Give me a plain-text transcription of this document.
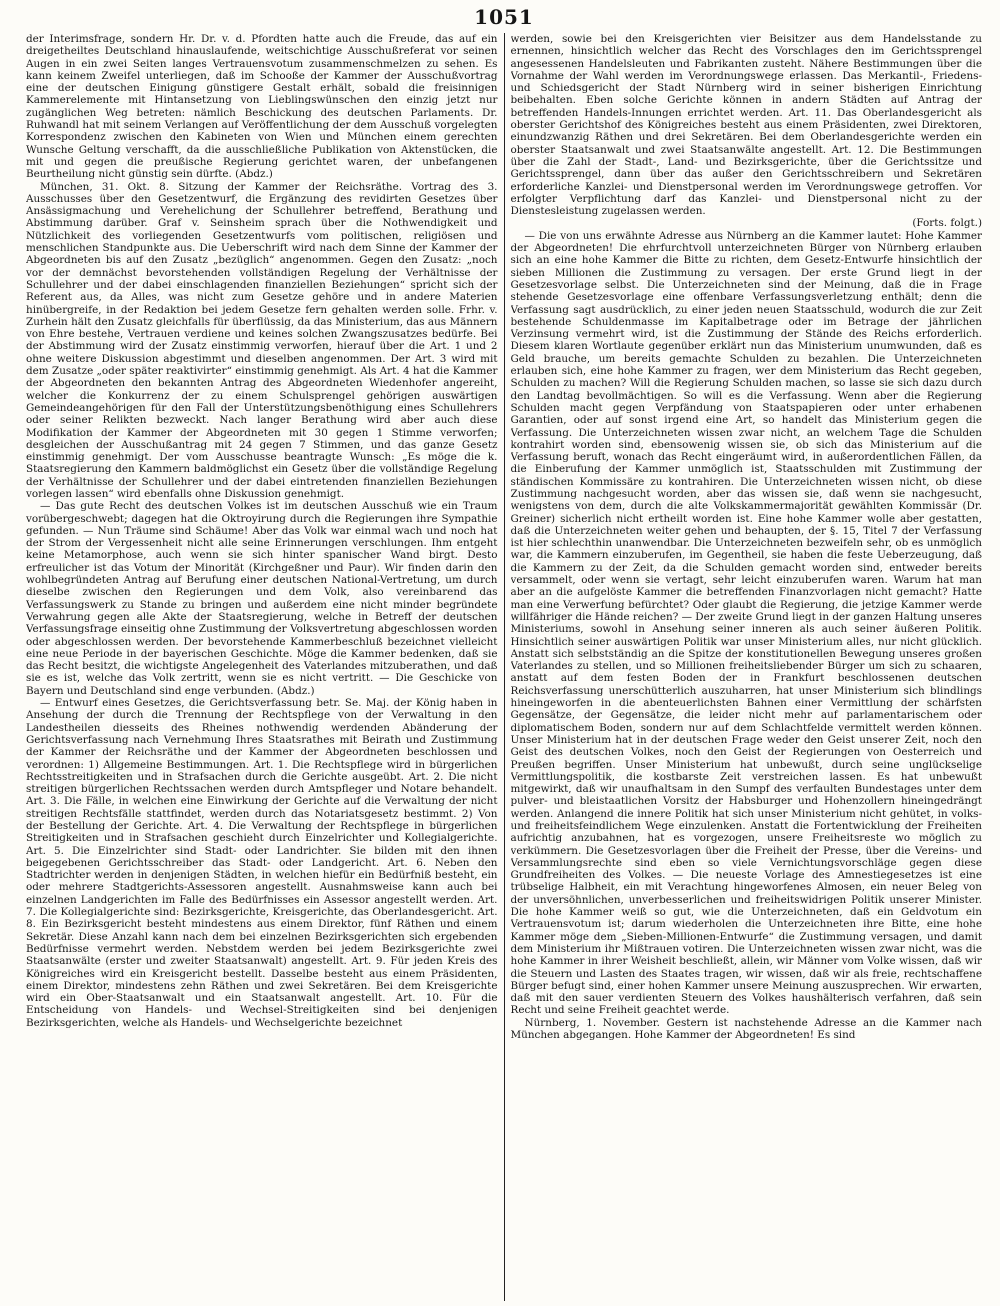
1051

der Interimsfrage, sondern Hr. Dr. v. d. Pfordten hatte auch die Freude, das auf ein dreigetheiltes Deutschland hinauslaufende, weitschichtige Ausschußreferat vor seinen Augen in ein zwei Seiten langes Vertrauensvotum zusammenschmelzen zu sehen. Es kann keinem Zweifel unterliegen, daß im Schooße der Kammer der Ausschußvortrag eine der deutschen Einigung günstigere Gestalt erhält, sobald die freisinnigen Kammerelemente mit Hintansetzung von Lieblingswünschen den einzig jetzt nur zugänglichen Weg betreten: nämlich Beschickung des deutschen Parlaments. Dr. Ruhwandl hat mit seinem Verlangen auf Veröffentlichung der dem Ausschuß vorgelegten Korrespondenz zwischen den Kabineten von Wien und München einem gerechten Wunsche Geltung verschafft, da die ausschließliche Publikation von Aktenstücken, die mit und gegen die preußische Regierung gerichtet waren, der unbefangenen Beurtheilung nicht günstig sein dürfte. (Abdz.)

München, 31. Okt. 8. Sitzung der Kammer der Reichsräthe. Vortrag des 3. Ausschusses über den Gesetzentwurf, die Ergänzung des revidirten Gesetzes über Ansässigmachung und Verehelichung der Schullehrer betreffend, Berathung und Abstimmung darüber. Graf v. Seinsheim sprach über die Nothwendigkeit und Nützlichkeit des vorliegenden Gesetzentwurfs vom politischen, religiösen und menschlichen Standpunkte aus. Die Ueberschrift wird nach dem Sinne der Kammer der Abgeordneten bis auf den Zusatz „bezüglich“ angenommen. Gegen den Zusatz: „noch vor der demnächst bevorstehenden vollständigen Regelung der Verhältnisse der Schullehrer und der dabei einschlagenden finanziellen Beziehungen“ spricht sich der Referent aus, da Alles, was nicht zum Gesetze gehöre und in andere Materien hinübergreife, in der Redaktion bei jedem Gesetze fern gehalten werden solle. Frhr. v. Zurhein hält den Zusatz gleichfalls für überflüssig, da das Ministerium, das aus Männern von Ehre bestehe, Vertrauen verdiene und keines solchen Zwangszusatzes bedürfe. Bei der Abstimmung wird der Zusatz einstimmig verworfen, hierauf über die Art. 1 und 2 ohne weitere Diskussion abgestimmt und dieselben angenommen. Der Art. 3 wird mit dem Zusatze „oder später reaktivirter“ einstimmig genehmigt. Als Art. 4 hat die Kammer der Abgeordneten den bekannten Antrag des Abgeordneten Wiedenhofer angereiht, welcher die Konkurrenz der zu einem Schulsprengel gehörigen auswärtigen Gemeindeangehörigen für den Fall der Unterstützungsbenöthigung eines Schullehrers oder seiner Relikten bezweckt. Nach langer Berathung wird aber auch diese Modifikation der Kammer der Abgeordneten mit 30 gegen 1 Stimme verworfen; desgleichen der Ausschußantrag mit 24 gegen 7 Stimmen, und das ganze Gesetz einstimmig genehmigt. Der vom Ausschusse beantragte Wunsch: „Es möge die k. Staatsregierung den Kammern baldmöglichst ein Gesetz über die vollständige Regelung der Verhältnisse der Schullehrer und der dabei eintretenden finanziellen Beziehungen vorlegen lassen“ wird ebenfalls ohne Diskussion genehmigt.

— Das gute Recht des deutschen Volkes ist im deutschen Ausschuß wie ein Traum vorübergeschwebt; dagegen hat die Oktroyirung durch die Regierungen ihre Sympathie gefunden. — Nun Träume sind Schäume! Aber das Volk war einmal wach und noch hat der Strom der Vergessenheit nicht alle seine Erinnerungen verschlungen. Ihm entgeht keine Metamorphose, auch wenn sie sich hinter spanischer Wand birgt. Desto erfreulicher ist das Votum der Minorität (Kirchgeßner und Paur). Wir finden darin den wohlbegründeten Antrag auf Berufung einer deutschen National-Vertretung, um durch dieselbe zwischen den Regierungen und dem Volk, also vereinbarend das Verfassungswerk zu Stande zu bringen und außerdem eine nicht minder begründete Verwahrung gegen alle Akte der Staatsregierung, welche in Betreff der deutschen Verfassungsfrage einseitig ohne Zustimmung der Volksvertretung abgeschlossen worden oder abgeschlossen werden. Der bevorstehende Kammerbeschluß bezeichnet vielleicht eine neue Periode in der bayerischen Geschichte. Möge die Kammer bedenken, daß sie das Recht besitzt, die wichtigste Angelegenheit des Vaterlandes mitzuberathen, und daß sie es ist, welche das Volk zertritt, wenn sie es nicht vertritt. — Die Geschicke von Bayern und Deutschland sind enge verbunden. (Abdz.)

— Entwurf eines Gesetzes, die Gerichtsverfassung betr. Se. Maj. der König haben in Ansehung der durch die Trennung der Rechtspflege von der Verwaltung in den Landestheilen diesseits des Rheines nothwendig werdenden Abänderung der Gerichtsverfassung nach Vernehmung Ihres Staatsrathes mit Beirath und Zustimmung der Kammer der Reichsräthe und der Kammer der Abgeordneten beschlossen und verordnen: 1) Allgemeine Bestimmungen. Art. 1. Die Rechtspflege wird in bürgerlichen Rechtsstreitigkeiten und in Strafsachen durch die Gerichte ausgeübt. Art. 2. Die nicht streitigen bürgerlichen Rechtssachen werden durch Amtspfleger und Notare behandelt. Art. 3. Die Fälle, in welchen eine Einwirkung der Gerichte auf die Verwaltung der nicht streitigen Rechtsfälle stattfindet, werden durch das Notariatsgesetz bestimmt. 2) Von der Bestellung der Gerichte. Art. 4. Die Verwaltung der Rechtspflege in bürgerlichen Streitigkeiten und in Strafsachen geschieht durch Einzelrichter und Kollegialgerichte. Art. 5. Die Einzelrichter sind Stadt- oder Landrichter. Sie bilden mit den ihnen beigegebenen Gerichtsschreiber das Stadt- oder Landgericht. Art. 6. Neben den Stadtrichter werden in denjenigen Städten, in welchen hiefür ein Bedürfniß besteht, ein oder mehrere Stadtgerichts-Assessoren angestellt. Ausnahmsweise kann auch bei einzelnen Landgerichten im Falle des Bedürfnisses ein Assessor angestellt werden. Art. 7. Die Kollegialgerichte sind: Bezirksgerichte, Kreisgerichte, das Oberlandesgericht. Art. 8. Ein Bezirksgericht besteht mindestens aus einem Direktor, fünf Räthen und einem Sekretär. Diese Anzahl kann nach dem bei einzelnen Bezirksgerichten sich ergebenden Bedürfnisse vermehrt werden. Nebstdem werden bei jedem Bezirksgerichte zwei Staatsanwälte (erster und zweiter Staatsanwalt) angestellt. Art. 9. Für jeden Kreis des Königreiches wird ein Kreisgericht bestellt. Dasselbe besteht aus einem Präsidenten, einem Direktor, mindestens zehn Räthen und zwei Sekretären. Bei dem Kreisgerichte wird ein Ober-Staatsanwalt und ein Staatsanwalt angestellt. Art. 10. Für die Entscheidung von Handels- und Wechsel-Streitigkeiten sind bei denjenigen Bezirksgerichten, welche als Handels- und Wechselgerichte bezeichnet

werden, sowie bei den Kreisgerichten vier Beisitzer aus dem Handelsstande zu ernennen, hinsichtlich welcher das Recht des Vorschlages den im Gerichtssprengel angesessenen Handelsleuten und Fabrikanten zusteht. Nähere Bestimmungen über die Vornahme der Wahl werden im Verordnungswege erlassen. Das Merkantil-, Friedens- und Schiedsgericht der Stadt Nürnberg wird in seiner bisherigen Einrichtung beibehalten. Eben solche Gerichte können in andern Städten auf Antrag der betreffenden Handels-Innungen errichtet werden. Art. 11. Das Oberlandesgericht als oberster Gerichtshof des Königreiches besteht aus einem Präsidenten, zwei Direktoren, einundzwanzig Räthen und drei Sekretären. Bei dem Oberlandesgerichte werden ein oberster Staatsanwalt und zwei Staatsanwälte angestellt. Art. 12. Die Bestimmungen über die Zahl der Stadt-, Land- und Bezirksgerichte, über die Gerichtssitze und Gerichtssprengel, dann über das außer den Gerichtsschreibern und Sekretären erforderliche Kanzlei- und Dienstpersonal werden im Verordnungswege getroffen. Vor erfolgter Verpflichtung darf das Kanzlei- und Dienstpersonal nicht zu der Dienstesleistung zugelassen werden.

(Forts. folgt.)

— Die von uns erwähnte Adresse aus Nürnberg an die Kammer lautet: Hohe Kammer der Abgeordneten! Die ehrfurchtvoll unterzeichneten Bürger von Nürnberg erlauben sich an eine hohe Kammer die Bitte zu richten, dem Gesetz-Entwurfe hinsichtlich der sieben Millionen die Zustimmung zu versagen. Der erste Grund liegt in der Gesetzesvorlage selbst. Die Unterzeichneten sind der Meinung, daß die in Frage stehende Gesetzesvorlage eine offenbare Verfassungsverletzung enthält; denn die Verfassung sagt ausdrücklich, zu einer jeden neuen Staatsschuld, wodurch die zur Zeit bestehende Schuldenmasse im Kapitalbetrage oder im Betrage der jährlichen Verzinsung vermehrt wird, ist die Zustimmung der Stände des Reichs erforderlich. Diesem klaren Wortlaute gegenüber erklärt nun das Ministerium unumwunden, daß es Geld brauche, um bereits gemachte Schulden zu bezahlen. Die Unterzeichneten erlauben sich, eine hohe Kammer zu fragen, wer dem Ministerium das Recht gegeben, Schulden zu machen? Will die Regierung Schulden machen, so lasse sie sich dazu durch den Landtag bevollmächtigen. So will es die Verfassung. Wenn aber die Regierung Schulden macht gegen Verpfändung von Staatspapieren oder unter erhabenen Garantien, oder auf sonst irgend eine Art, so handelt das Ministerium gegen die Verfassung. Die Unterzeichneten wissen zwar nicht, an welchem Tage die Schulden kontrahirt worden sind, ebensowenig wissen sie, ob sich das Ministerium auf die Verfassung beruft, wonach das Recht eingeräumt wird, in außerordentlichen Fällen, da die Einberufung der Kammer unmöglich ist, Staatsschulden mit Zustimmung der ständischen Kommissäre zu kontrahiren. Die Unterzeichneten wissen nicht, ob diese Zustimmung nachgesucht worden, aber das wissen sie, daß wenn sie nachgesucht, wenigstens von dem, durch die alte Volkskammermajorität gewählten Kommissär (Dr. Greiner) sicherlich nicht ertheilt worden ist. Eine hohe Kammer wolle aber gestatten, daß die Unterzeichneten weiter gehen und behaupten, der §. 15, Titel 7 der Verfassung ist hier schlechthin unanwendbar. Die Unterzeichneten bezweifeln sehr, ob es unmöglich war, die Kammern einzuberufen, im Gegentheil, sie haben die feste Ueberzeugung, daß die Kammern zu der Zeit, da die Schulden gemacht worden sind, entweder bereits versammelt, oder wenn sie vertagt, sehr leicht einzuberufen waren. Warum hat man aber an die aufgelöste Kammer die betreffenden Finanzvorlagen nicht gemacht? Hatte man eine Verwerfung befürchtet? Oder glaubt die Regierung, die jetzige Kammer werde willfähriger die Hände reichen? — Der zweite Grund liegt in der ganzen Haltung unseres Ministeriums, sowohl in Ansehung seiner inneren als auch seiner äußeren Politik. Hinsichtlich seiner auswärtigen Politik war unser Ministerium alles, nur nicht glücklich. Anstatt sich selbstständig an die Spitze der konstitutionellen Bewegung unseres großen Vaterlandes zu stellen, und so Millionen freiheitsliebender Bürger um sich zu schaaren, anstatt auf dem festen Boden der in Frankfurt beschlossenen deutschen Reichsverfassung unerschütterlich auszuharren, hat unser Ministerium sich blindlings hineingeworfen in die abenteuerlichsten Bahnen einer Vermittlung der schärfsten Gegensätze, der Gegensätze, die leider nicht mehr auf parlamentarischem oder diplomatischem Boden, sondern nur auf dem Schlachtfelde vermittelt werden können. Unser Ministerium hat in der deutschen Frage weder den Geist unserer Zeit, noch den Geist des deutschen Volkes, noch den Geist der Regierungen von Oesterreich und Preußen begriffen. Unser Ministerium hat unbewußt, durch seine unglückselige Vermittlungspolitik, die kostbarste Zeit verstreichen lassen. Es hat unbewußt mitgewirkt, daß wir unaufhaltsam in den Sumpf des verfaulten Bundestages unter dem pulver- und bleistaatlichen Vorsitz der Habsburger und Hohenzollern hineingedrängt werden. Anlangend die innere Politik hat sich unser Ministerium nicht gehütet, in volks- und freiheitsfeindlichem Wege einzulenken. Anstatt die Fortentwicklung der Freiheiten aufrichtig anzubahnen, hat es vorgezogen, unsere Freiheitsreste wo möglich zu verkümmern. Die Gesetzesvorlagen über die Freiheit der Presse, über die Vereins- und Versammlungsrechte sind eben so viele Vernichtungsvorschläge gegen diese Grundfreiheiten des Volkes. — Die neueste Vorlage des Amnestiegesetzes ist eine trübselige Halbheit, ein mit Verachtung hingeworfenes Almosen, ein neuer Beleg von der unversöhnlichen, unverbesserlichen und freiheitswidrigen Politik unserer Minister. Die hohe Kammer weiß so gut, wie die Unterzeichneten, daß ein Geldvotum ein Vertrauensvotum ist; darum wiederholen die Unterzeichneten ihre Bitte, eine hohe Kammer möge dem „Sieben-Millionen-Entwurfe“ die Zustimmung versagen, und damit dem Ministerium ihr Mißtrauen votiren. Die Unterzeichneten wissen zwar nicht, was die hohe Kammer in ihrer Weisheit beschließt, allein, wir Männer vom Volke wissen, daß wir die Steuern und Lasten des Staates tragen, wir wissen, daß wir als freie, rechtschaffene Bürger befugt sind, einer hohen Kammer unsere Meinung auszusprechen. Wir erwarten, daß mit den sauer verdienten Steuern des Volkes haushälterisch verfahren, daß sein Recht und seine Freiheit geachtet werde.

Nürnberg, 1. November. Gestern ist nachstehende Adresse an die Kammer nach München abgegangen. Hohe Kammer der Abgeordneten! Es sind
